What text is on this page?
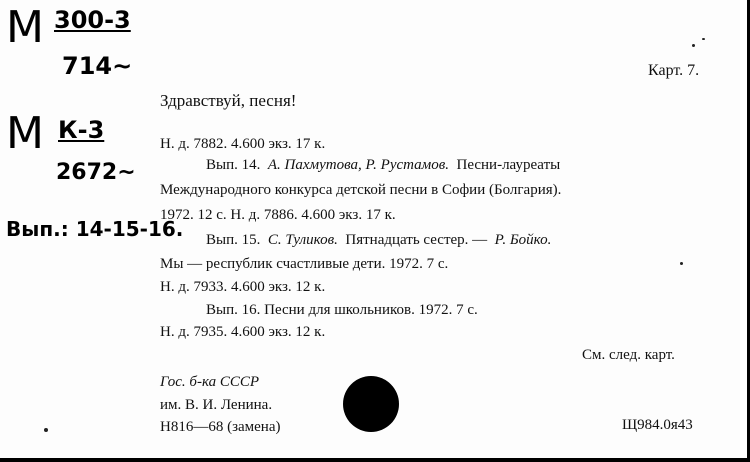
М 300-3
714~
М К-3
2672~
Вып.: 14-15-16.
Карт. 7.
Здравствуй, песня!
Н. д. 7882. 4.600 экз. 17 к.
Вып. 14. А. Пахмутова, Р. Рустамов. Песни-лауреаты
Международного конкурса детской песни в Софии (Болгария).
1972. 12 с. Н. д. 7886. 4.600 экз. 17 к.
Вып. 15. С. Туликов. Пятнадцать сестер. — Р. Бойко.
Мы — республик счастливые дети. 1972. 7 с.
Н. д. 7933. 4.600 экз. 12 к.
Вып. 16. Песни для школьников. 1972. 7 с.
Н. д. 7935. 4.600 экз. 12 к.
См. след. карт.
Гос. б-ка СССР
им. В. И. Ленина.
Н816—68 (замена)	Щ984.0я43
